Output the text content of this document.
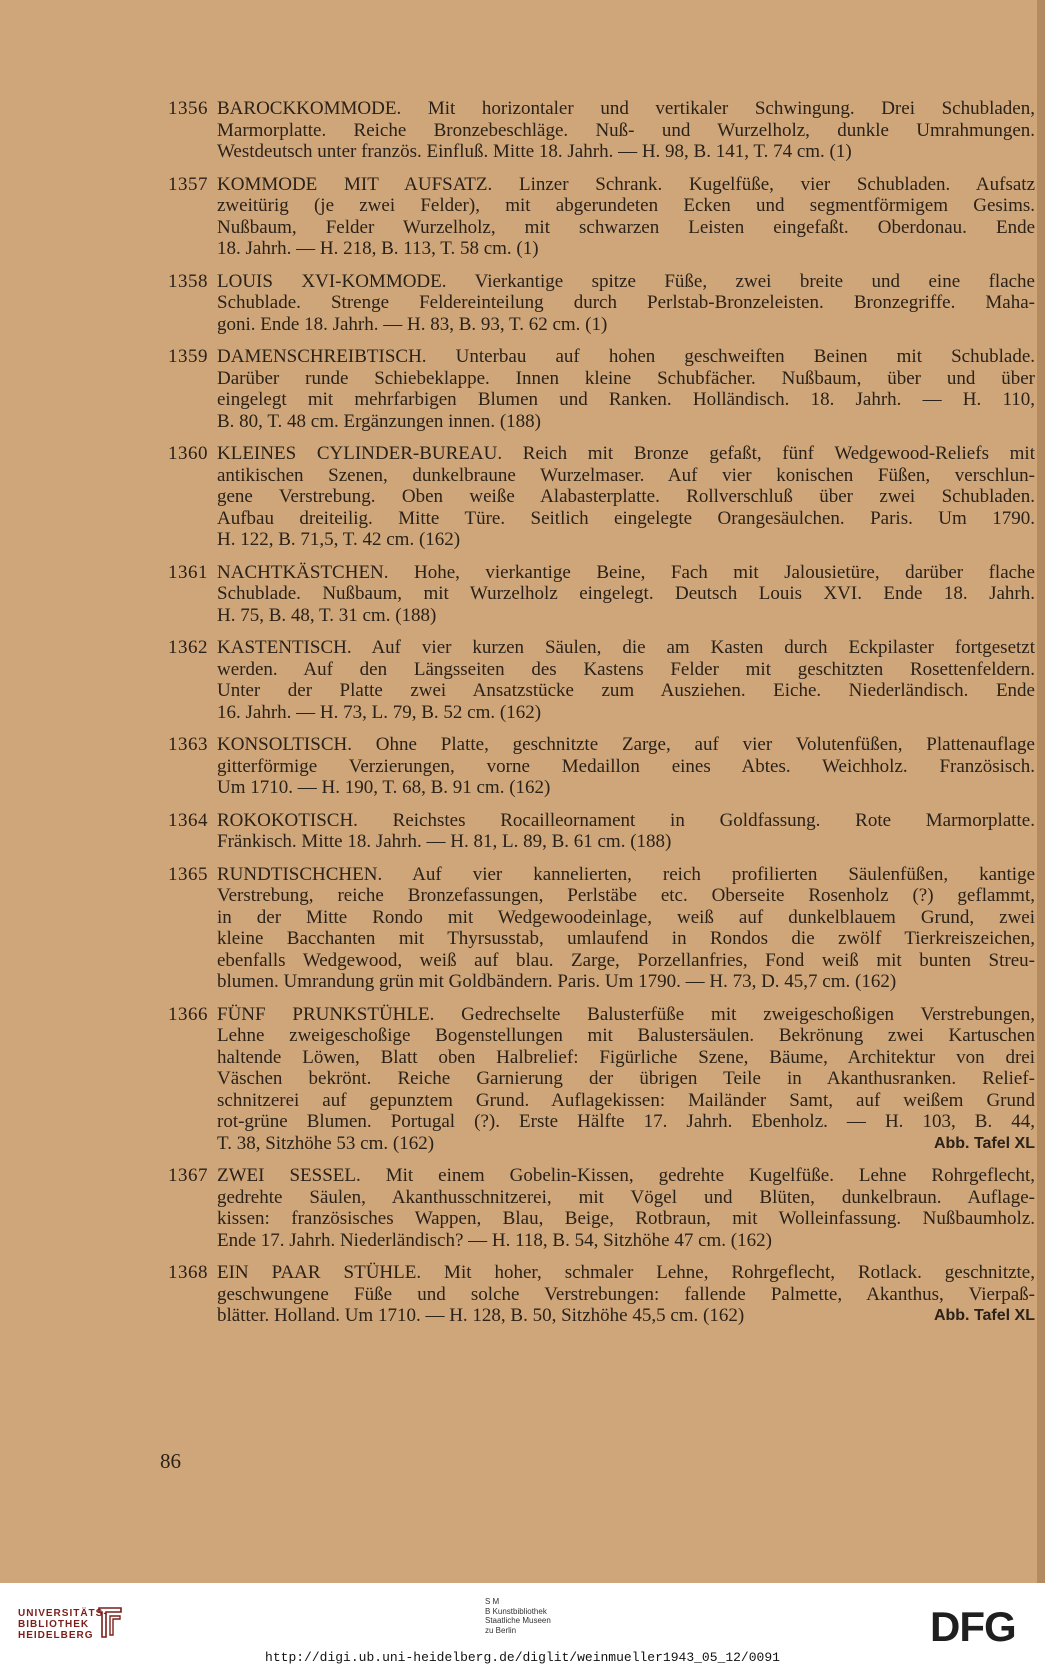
1356 BAROCKKOMMODE. Mit horizontaler und vertikaler Schwingung. Drei Schubladen,
Marmorplatte. Reiche Bronzebeschläge. Nuß- und Wurzelholz, dunkle Umrahmungen.
Westdeutsch unter französ. Einfluß. Mitte 18. Jahrh. — H. 98, B. 141, T. 74 cm. (1)
1357 KOMMODE MIT AUFSATZ. Linzer Schrank. Kugelfüße, vier Schubladen. Aufsatz
zweitürig (je zwei Felder), mit abgerundeten Ecken und segmentförmigem Gesims.
Nußbaum, Felder Wurzelholz, mit schwarzen Leisten eingefaßt. Oberdonau. Ende
18. Jahrh. — H. 218, B. 113, T. 58 cm. (1)
1358 LOUIS XVI-KOMMODE. Vierkantige spitze Füße, zwei breite und eine flache
Schublade. Strenge Feldereinteilung durch Perlstab-Bronzeleisten. Bronzegriffe. Maha-
goni. Ende 18. Jahrh. — H. 83, B. 93, T. 62 cm. (1)
1359 DAMENSCHREIBTISCH. Unterbau auf hohen geschweiften Beinen mit Schublade.
Darüber runde Schiebeklappe. Innen kleine Schubfächer. Nußbaum, über und über
eingelegt mit mehrfarbigen Blumen und Ranken. Holländisch. 18. Jahrh. — H. 110,
B. 80, T. 48 cm. Ergänzungen innen. (188)
1360 KLEINES CYLINDER-BUREAU. Reich mit Bronze gefaßt, fünf Wedgewood-Reliefs mit
antikischen Szenen, dunkelbraune Wurzelmaser. Auf vier konischen Füßen, verschlun-
gene Verstrebung. Oben weiße Alabasterplatte. Rollverschluß über zwei Schubladen.
Aufbau dreiteilig. Mitte Türe. Seitlich eingelegte Orangesäulchen. Paris. Um 1790.
H. 122, B. 71,5, T. 42 cm. (162)
1361 NACHTKÄSTCHEN. Hohe, vierkantige Beine, Fach mit Jalousietüre, darüber flache
Schublade. Nußbaum, mit Wurzelholz eingelegt. Deutsch Louis XVI. Ende 18. Jahrh.
H. 75, B. 48, T. 31 cm. (188)
1362 KASTENTISCH. Auf vier kurzen Säulen, die am Kasten durch Eckpilaster fortgesetzt
werden. Auf den Längsseiten des Kastens Felder mit geschitzten Rosettenfeldern.
Unter der Platte zwei Ansatzstücke zum Ausziehen. Eiche. Niederländisch. Ende
16. Jahrh. — H. 73, L. 79, B. 52 cm. (162)
1363 KONSOLTISCH. Ohne Platte, geschnitzte Zarge, auf vier Volutenfüßen, Plattenauflage
gitterförmige Verzierungen, vorne Medaillon eines Abtes. Weichholz. Französisch.
Um 1710. — H. 190, T. 68, B. 91 cm. (162)
1364 ROKOKOTISCH. Reichstes Rocailleornament in Goldfassung. Rote Marmorplatte.
Fränkisch. Mitte 18. Jahrh. — H. 81, L. 89, B. 61 cm. (188)
1365 RUNDTISCHCHEN. Auf vier kannelierten, reich profilierten Säulenfüßen, kantige
Verstrebung, reiche Bronzefassungen, Perlstäbe etc. Oberseite Rosenholz (?) geflammt,
in der Mitte Rondo mit Wedgewoodeinlage, weiß auf dunkelblauem Grund, zwei
kleine Bacchanten mit Thyrsusstab, umlaufend in Rondos die zwölf Tierkreiszeichen,
ebenfalls Wedgewood, weiß auf blau. Zarge, Porzellanfries, Fond weiß mit bunten Streu-
blumen. Umrandung grün mit Goldbändern. Paris. Um 1790. — H. 73, D. 45,7 cm. (162)
1366 FÜNF PRUNKSTÜHLE. Gedrechselte Balusterfüße mit zweigeschoßigen Verstrebungen,
Lehne zweigeschoßige Bogenstellungen mit Balustersäulen. Bekrönung zwei Kartuschen
haltende Löwen, Blatt oben Halbrelief: Figürliche Szene, Bäume, Architektur von drei
Väschen bekrönt. Reiche Garnierung der übrigen Teile in Akanthusranken. Relief-
schnitzerei auf gepunztem Grund. Auflagekissen: Mailänder Samt, auf weißem Grund
rot-grüne Blumen. Portugal (?). Erste Hälfte 17. Jahrh. Ebenholz. — H. 103, B. 44,
T. 38, Sitzhöhe 53 cm. (162)	Abb. Tafel XL
1367 ZWEI SESSEL. Mit einem Gobelin-Kissen, gedrehte Kugelfüße. Lehne Rohrgeflecht,
gedrehte Säulen, Akanthusschnitzerei, mit Vögel und Blüten, dunkelbraun. Auflage-
kissen: französisches Wappen, Blau, Beige, Rotbraun, mit Wolleinfassung. Nußbaumholz.
Ende 17. Jahrh. Niederländisch? — H. 118, B. 54, Sitzhöhe 47 cm. (162)
1368 EIN PAAR STÜHLE. Mit hoher, schmaler Lehne, Rohrgeflecht, Rotlack. geschnitzte,
geschwungene Füße und solche Verstrebungen: fallende Palmette, Akanthus, Vierpaß-
blätter. Holland. Um 1710. — H. 128, B. 50, Sitzhöhe 45,5 cm. (162)	Abb. Tafel XL
86
UNIVERSITÄTS-
BIBLIOTHEK
HEIDELBERG
S M
B Kunstbibliothek
Staatliche Museen
zu Berlin	DFG
http://digi.ub.uni-heidelberg.de/diglit/weinmueller1943_05_12/0091
